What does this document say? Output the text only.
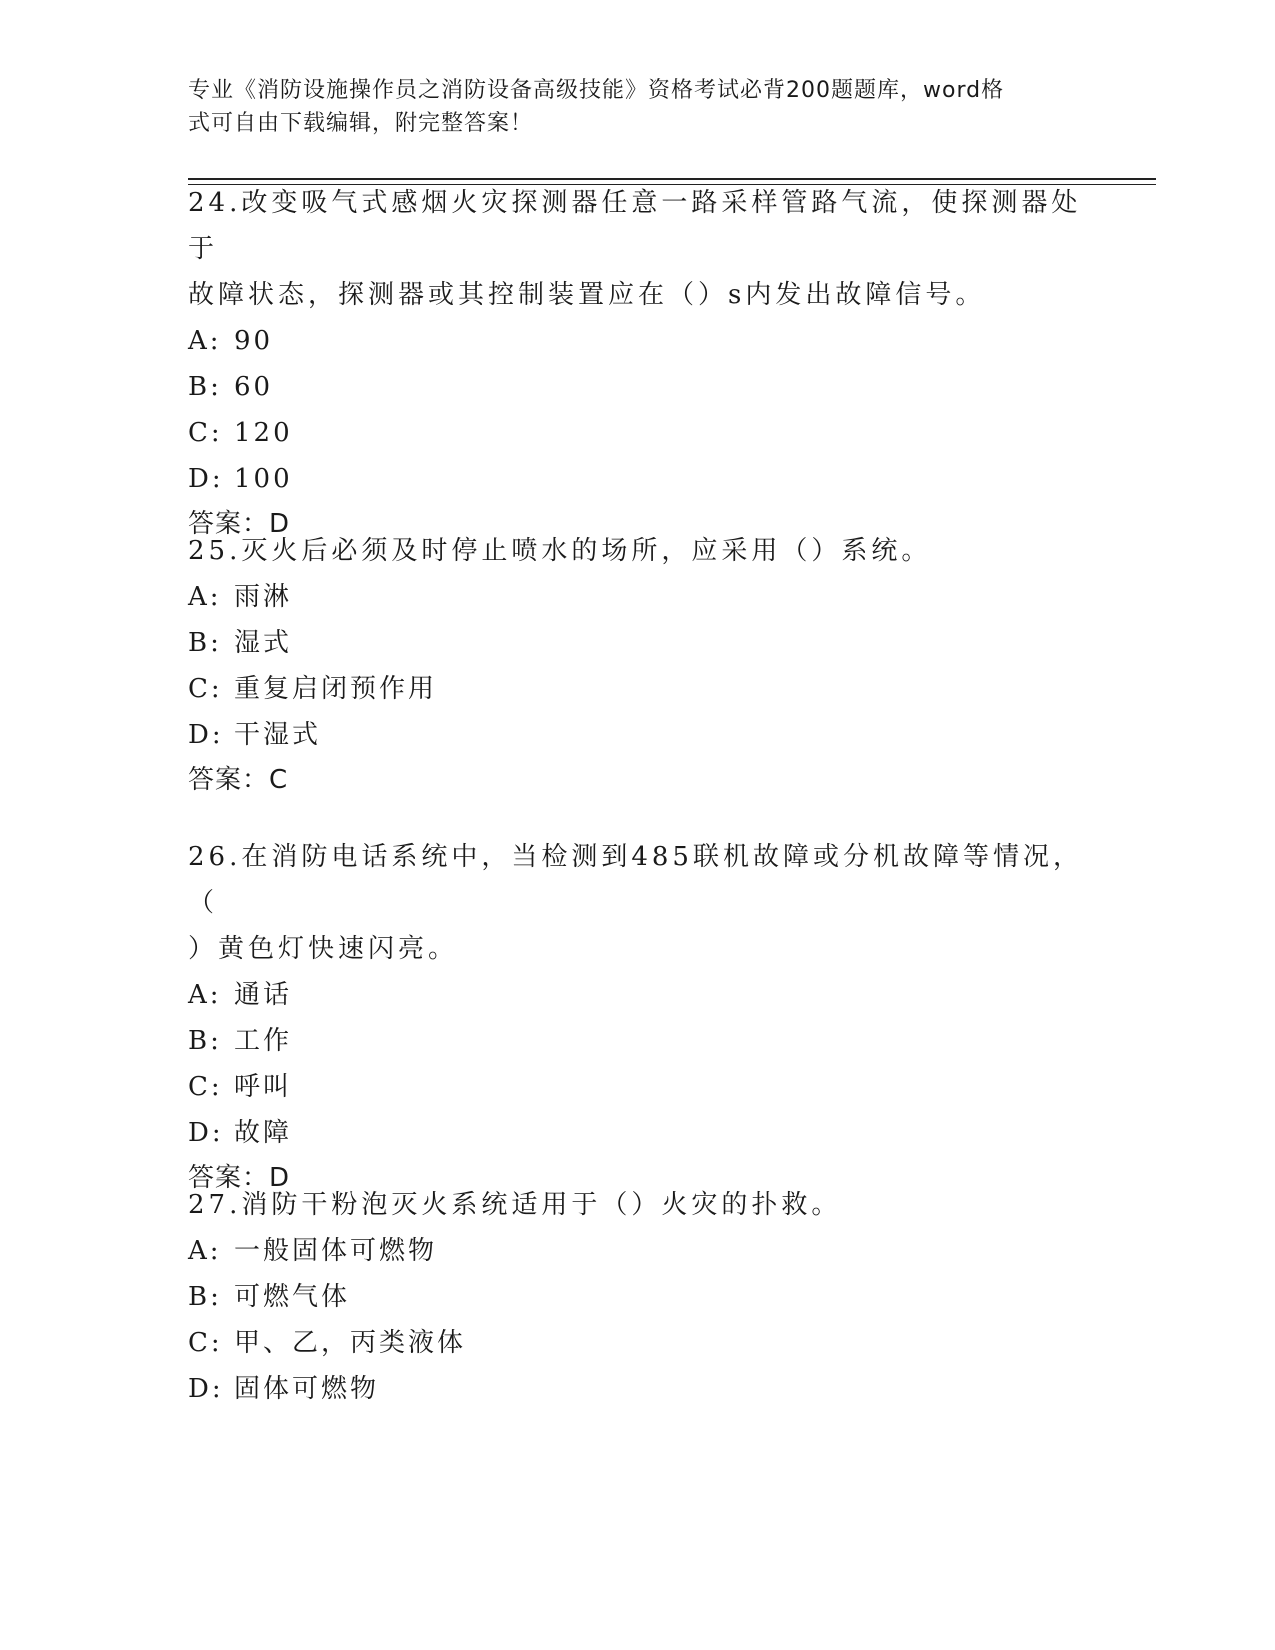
专业《消防设施操作员之消防设备高级技能》资格考试必背200题题库，word格
式可自由下载编辑，附完整答案！

24.改变吸气式感烟火灾探测器任意一路采样管路气流，使探测器处于

故障状态，探测器或其控制装置应在（）s内发出故障信号。

A: 90

B: 60

C: 120

D: 100

答案：D

25.灭火后必须及时停止喷水的场所，应采用（）系统。

A: 雨淋

B: 湿式

C: 重复启闭预作用

D: 干湿式

答案：C

26.在消防电话系统中，当检测到485联机故障或分机故障等情况，（

）黄色灯快速闪亮。

A: 通话

B: 工作

C: 呼叫

D: 故障

答案：D

27.消防干粉泡灭火系统适用于（）火灾的扑救。

A: 一般固体可燃物

B: 可燃气体

C: 甲、乙，丙类液体

D: 固体可燃物
